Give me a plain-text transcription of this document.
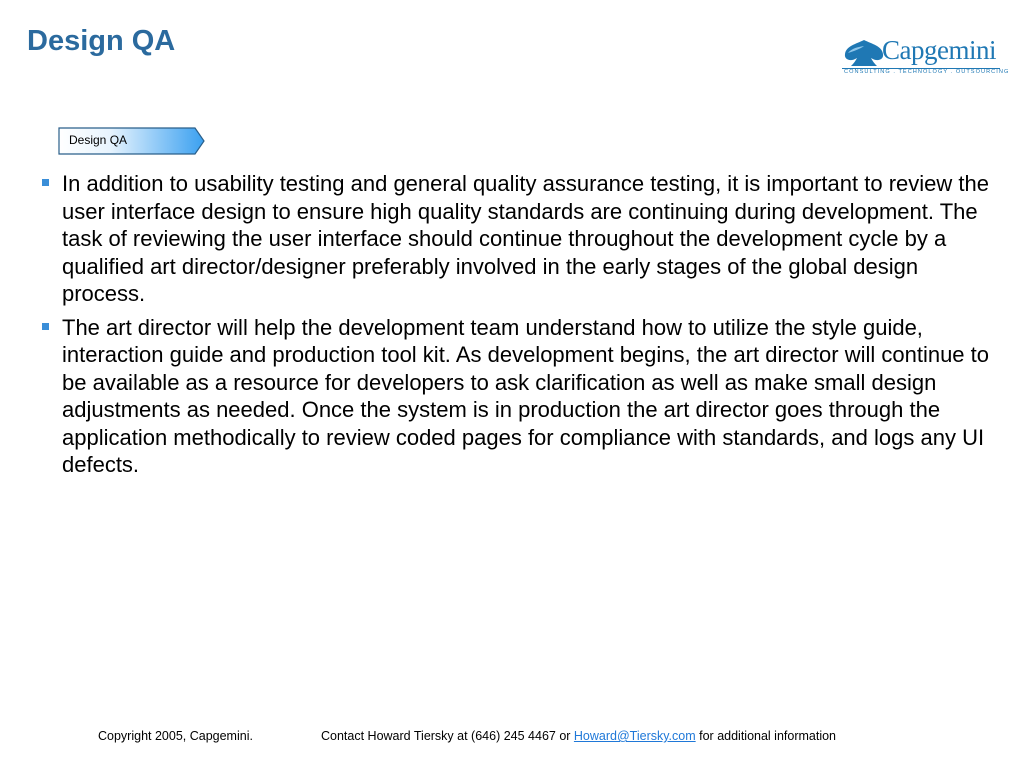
Design QA	Capgemini
CONSULTING . TECHNOLOGY . OUTSOURCING
Design QA
In addition to usability testing and general quality assurance testing, it is important to review the user interface design to ensure high quality standards are continuing during development. The task of reviewing the user interface should continue throughout the development cycle by a qualified art director/designer preferably involved in the early stages of the global design process.
The art director will help the development team understand how to utilize the style guide, interaction guide and production tool kit. As development begins, the art director will continue to be available as a resource for developers to ask clarification as well as make small design adjustments as needed. Once the system is in production the art director goes through the application methodically to review coded pages for compliance with standards, and logs any UI defects.
Copyright 2005, Capgemini.	Contact Howard Tiersky at (646) 245 4467 or Howard@Tiersky.com for additional information
